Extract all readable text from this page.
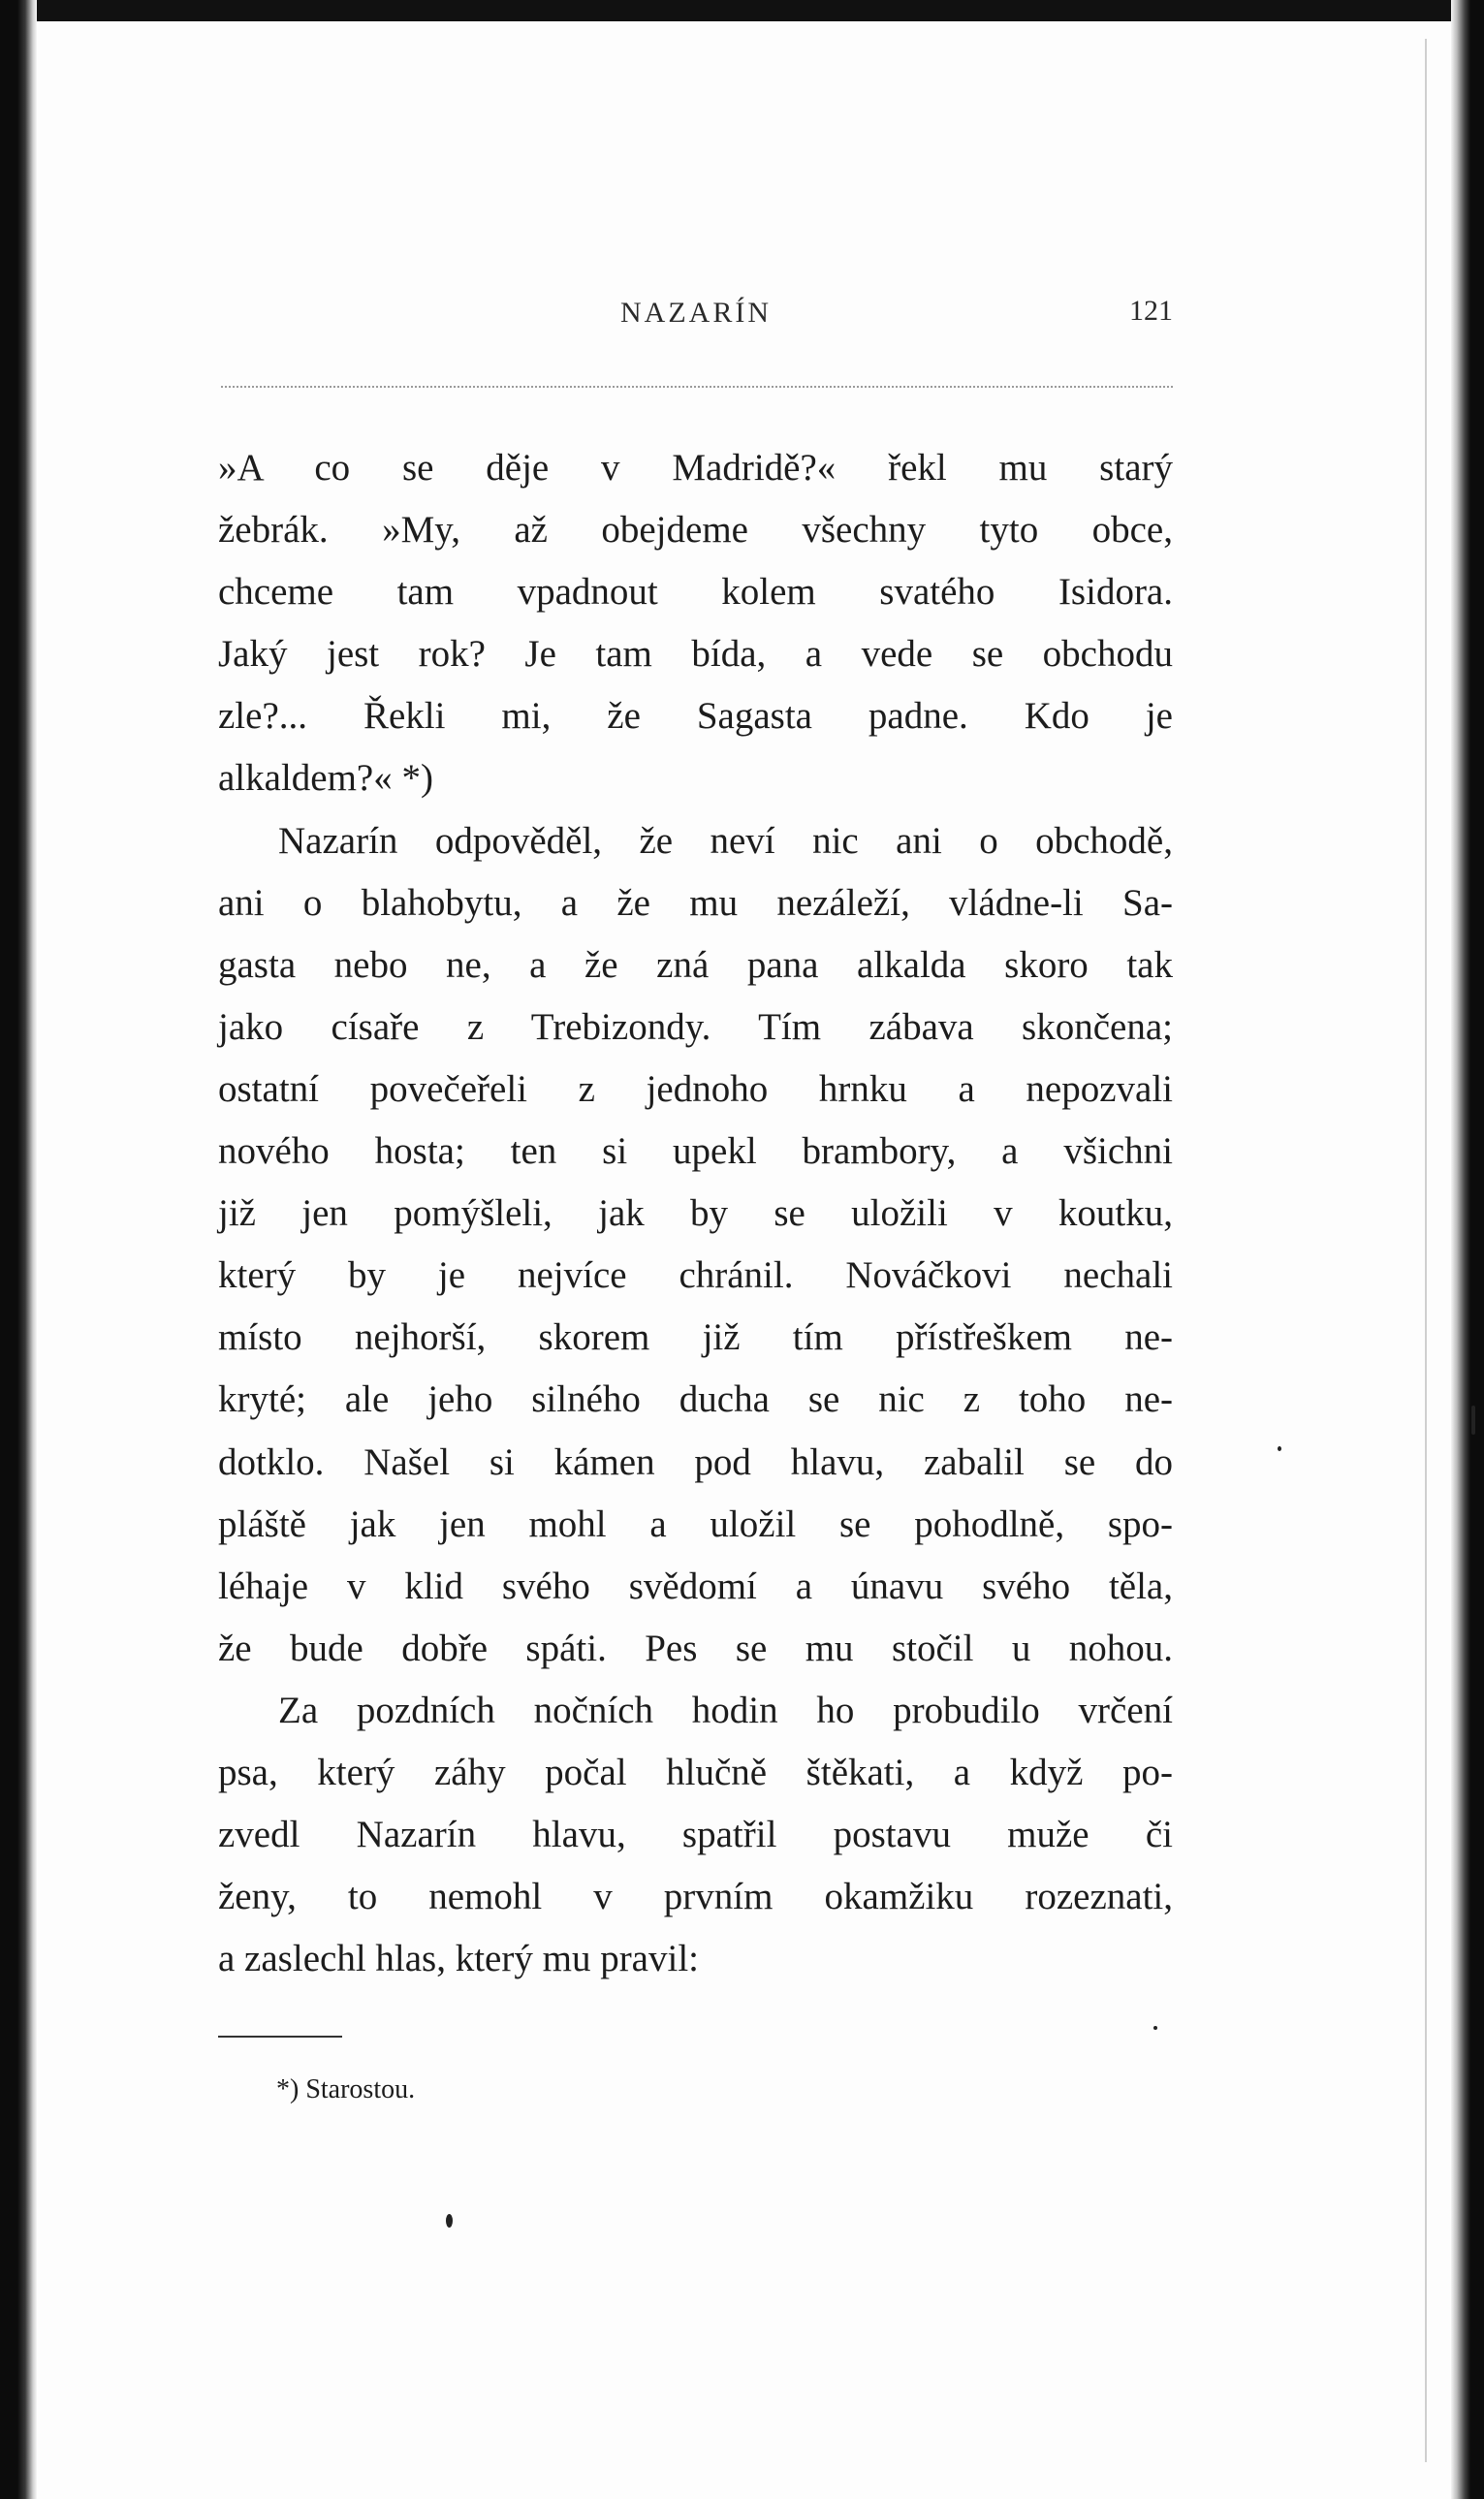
NAZARÍN	121
»A co se děje v Madridě?« řekl mu starý
žebrák. »My, až obejdeme všechny tyto obce,
chceme tam vpadnout kolem svatého Isidora.
Jaký jest rok? Je tam bída, a vede se obchodu
zle?... Řekli mi, že Sagasta padne. Kdo je
alkaldem?« *)
Nazarín odpověděl, že neví nic ani o obchodě,
ani o blahobytu, a že mu nezáleží, vládne-li Sa-
gasta nebo ne, a že zná pana alkalda skoro tak
jako císaře z Trebizondy. Tím zábava skončena;
ostatní povečeřeli z jednoho hrnku a nepozvali
nového hosta; ten si upekl brambory, a všichni
již jen pomýšleli, jak by se uložili v koutku,
který by je nejvíce chránil. Nováčkovi nechali
místo nejhorší, skorem již tím přístřeškem ne-
kryté; ale jeho silného ducha se nic z toho ne-
dotklo. Našel si kámen pod hlavu, zabalil se do
pláště jak jen mohl a uložil se pohodlně, spo-
léhaje v klid svého svědomí a únavu svého těla,
že bude dobře spáti. Pes se mu stočil u nohou.
Za pozdních nočních hodin ho probudilo vrčení
psa, který záhy počal hlučně štěkati, a když po-
zvedl Nazarín hlavu, spatřil postavu muže či
ženy, to nemohl v prvním okamžiku rozeznati,
a zaslechl hlas, který mu pravil:
*) Starostou.
